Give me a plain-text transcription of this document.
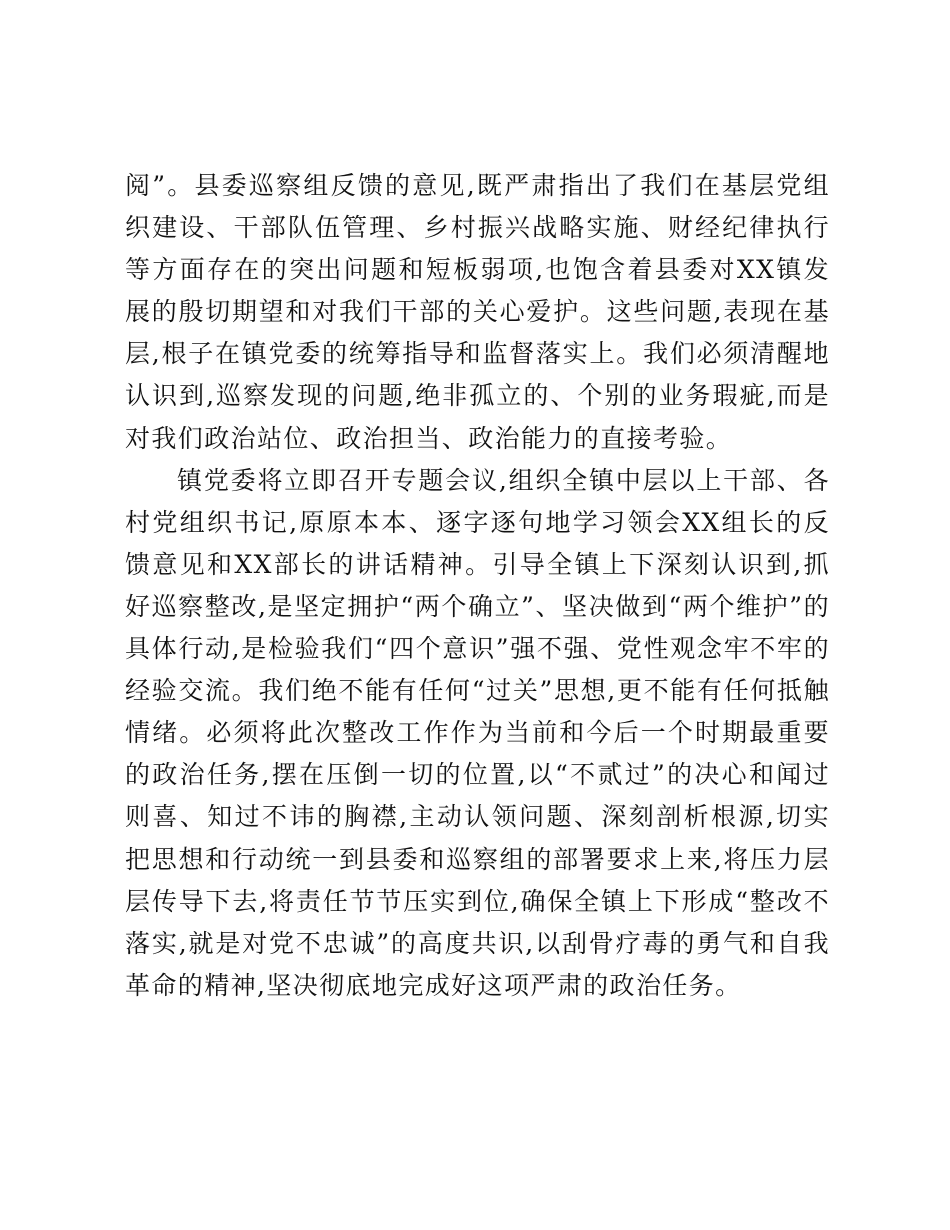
阅”。县委巡察组反馈的意见,既严肃指出了我们在基层党组织建设、干部队伍管理、乡村振兴战略实施、财经纪律执行等方面存在的突出问题和短板弱项,也饱含着县委对XX镇发展的殷切期望和对我们干部的关心爱护。这些问题,表现在基层,根子在镇党委的统筹指导和监督落实上。我们必须清醒地认识到,巡察发现的问题,绝非孤立的、个别的业务瑕疵,而是对我们政治站位、政治担当、政治能力的直接考验。

镇党委将立即召开专题会议,组织全镇中层以上干部、各村党组织书记,原原本本、逐字逐句地学习领会XX组长的反馈意见和XX部长的讲话精神。引导全镇上下深刻认识到,抓好巡察整改,是坚定拥护“两个确立”、坚决做到“两个维护”的具体行动,是检验我们“四个意识”强不强、党性观念牢不牢的经验交流。我们绝不能有任何“过关”思想,更不能有任何抵触情绪。必须将此次整改工作作为当前和今后一个时期最重要的政治任务,摆在压倒一切的位置,以“不贰过”的决心和闻过则喜、知过不讳的胸襟,主动认领问题、深刻剖析根源,切实把思想和行动统一到县委和巡察组的部署要求上来,将压力层层传导下去,将责任节节压实到位,确保全镇上下形成“整改不落实,就是对党不忠诚”的高度共识,以刮骨疗毒的勇气和自我革命的精神,坚决彻底地完成好这项严肃的政治任务。
